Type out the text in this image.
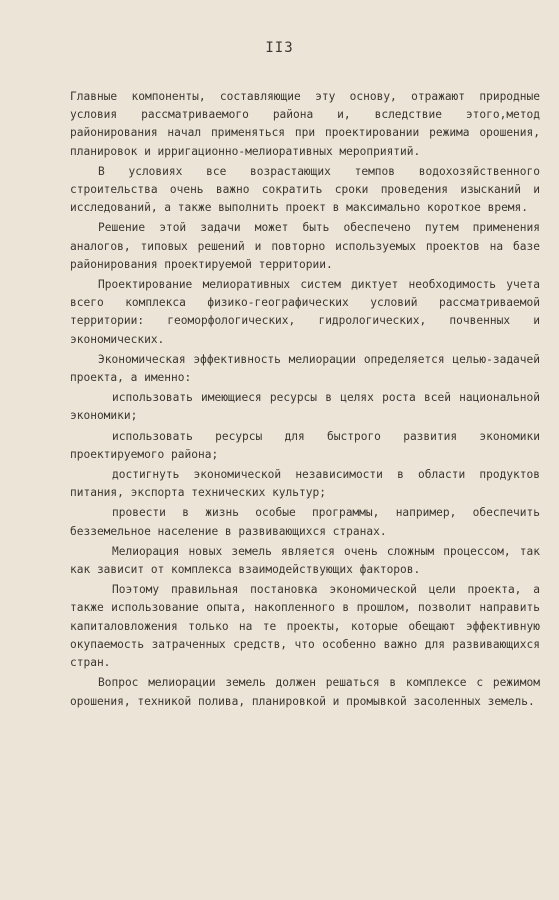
II3

Главные компоненты, составляющие эту основу, отражают природные условия рассматриваемого района и, вследствие этого,метод районирования начал применяться при проектировании режима орошения, планировок и ирригационно-мелиоративных мероприятий.

В условиях все возрастающих темпов водохозяйственного строительства очень важно сократить сроки проведения изысканий и исследований, а также выполнить проект в максимально короткое время.

Решение этой задачи может быть обеспечено путем применения аналогов, типовых решений и повторно используемых проектов на базе районирования проектируемой территории.

Проектирование мелиоративных систем диктует необходимость учета всего комплекса физико-географических условий рассматриваемой территории: геоморфологических, гидрологических, почвенных и экономических.

Экономическая эффективность мелиорации определяется целью-задачей проекта, а именно:

использовать имеющиеся ресурсы в целях роста всей национальной экономики;

использовать ресурсы для быстрого развития экономики проектируемого района;

достигнуть экономической независимости в области продуктов питания, экспорта технических культур;

провести в жизнь особые программы, например, обеспечить безземельное население в развивающихся странах.

Мелиорация новых земель является очень сложным процессом, так как зависит от комплекса взаимодействующих факторов.

Поэтому правильная постановка экономической цели проекта, а также использование опыта, накопленного в прошлом, позволит направить капиталовложения только на те проекты, которые обещают эффективную окупаемость затраченных средств, что особенно важно для развивающихся стран.

Вопрос мелиорации земель должен решаться в комплексе с режимом орошения, техникой полива, планировкой и промывкой засоленных земель.
